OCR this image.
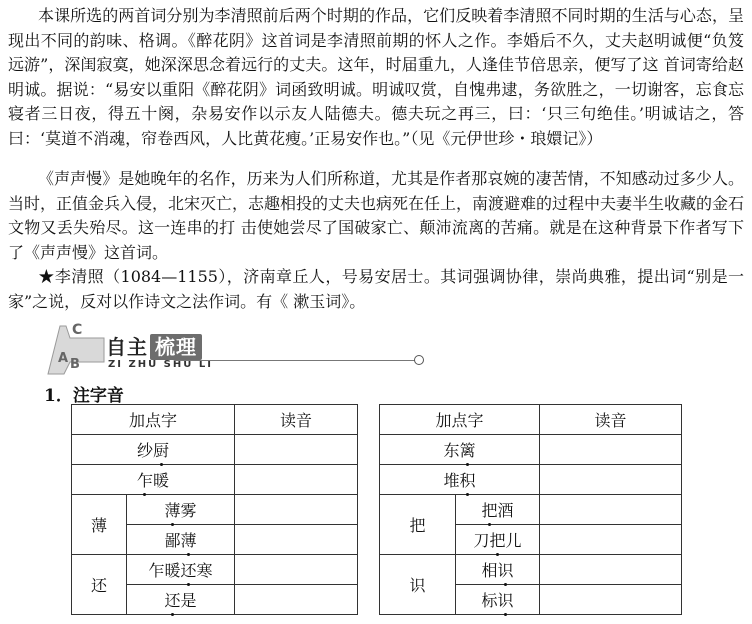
本课所选的两首词分别为李清照前后两个时期的作品，它们反映着李清照不同时期的生活与心态，呈现出不同的韵味、格调。《醉花阴》这首词是李清照前期的怀人之作。李婚后不久，丈夫赵明诚便“负笈远游”，深闺寂寞，她深深思念着远行的丈夫。这年，时届重九，人逢佳节倍思亲，便写了这 首词寄给赵明诚。据说：“易安以重阳《醉花阴》词函致明诚。明诚叹赏，自愧弗逮，务欲胜之，一切谢客，忘食忘寝者三日夜，得五十阕，杂易安作以示友人陆德夫。德夫玩之再三，曰：‘只三句绝佳。’明诚诘之，答曰：‘莫道不消魂，帘卷西风，人比黄花瘦。’正易安作也。”（见《元伊世珍・琅嬛记》）

《声声慢》是她晚年的名作，历来为人们所称道，尤其是作者那哀婉的凄苦情，不知感动过多少人。当时，正值金兵入侵，北宋灭亡，志趣相投的丈夫也病死在任上，南渡避难的过程中夫妻半生收藏的金石文物又丢失殆尽。这一连串的打 击使她尝尽了国破家亡、颠沛流离的苦痛。就是在这种背景下作者写下了《声声慢》这首词。

★李清照（1084—1155），济南章丘人，号易安居士。其词强调协律，崇尚典雅，提出词“别是一家”之说，反对以作诗文之法作词。有《 漱玉词》。

C
A B
自主 梳理
ZI ZHU SHU LI

1．注字音

加点字		读音
纱厨		
乍暖		
薄	薄雾	
	鄙薄	
还	乍暖还寒	
	还是	
加点字		读音
东篱		
堆积		
把	把酒	
	刀把儿	
识	相识	
	标识	
